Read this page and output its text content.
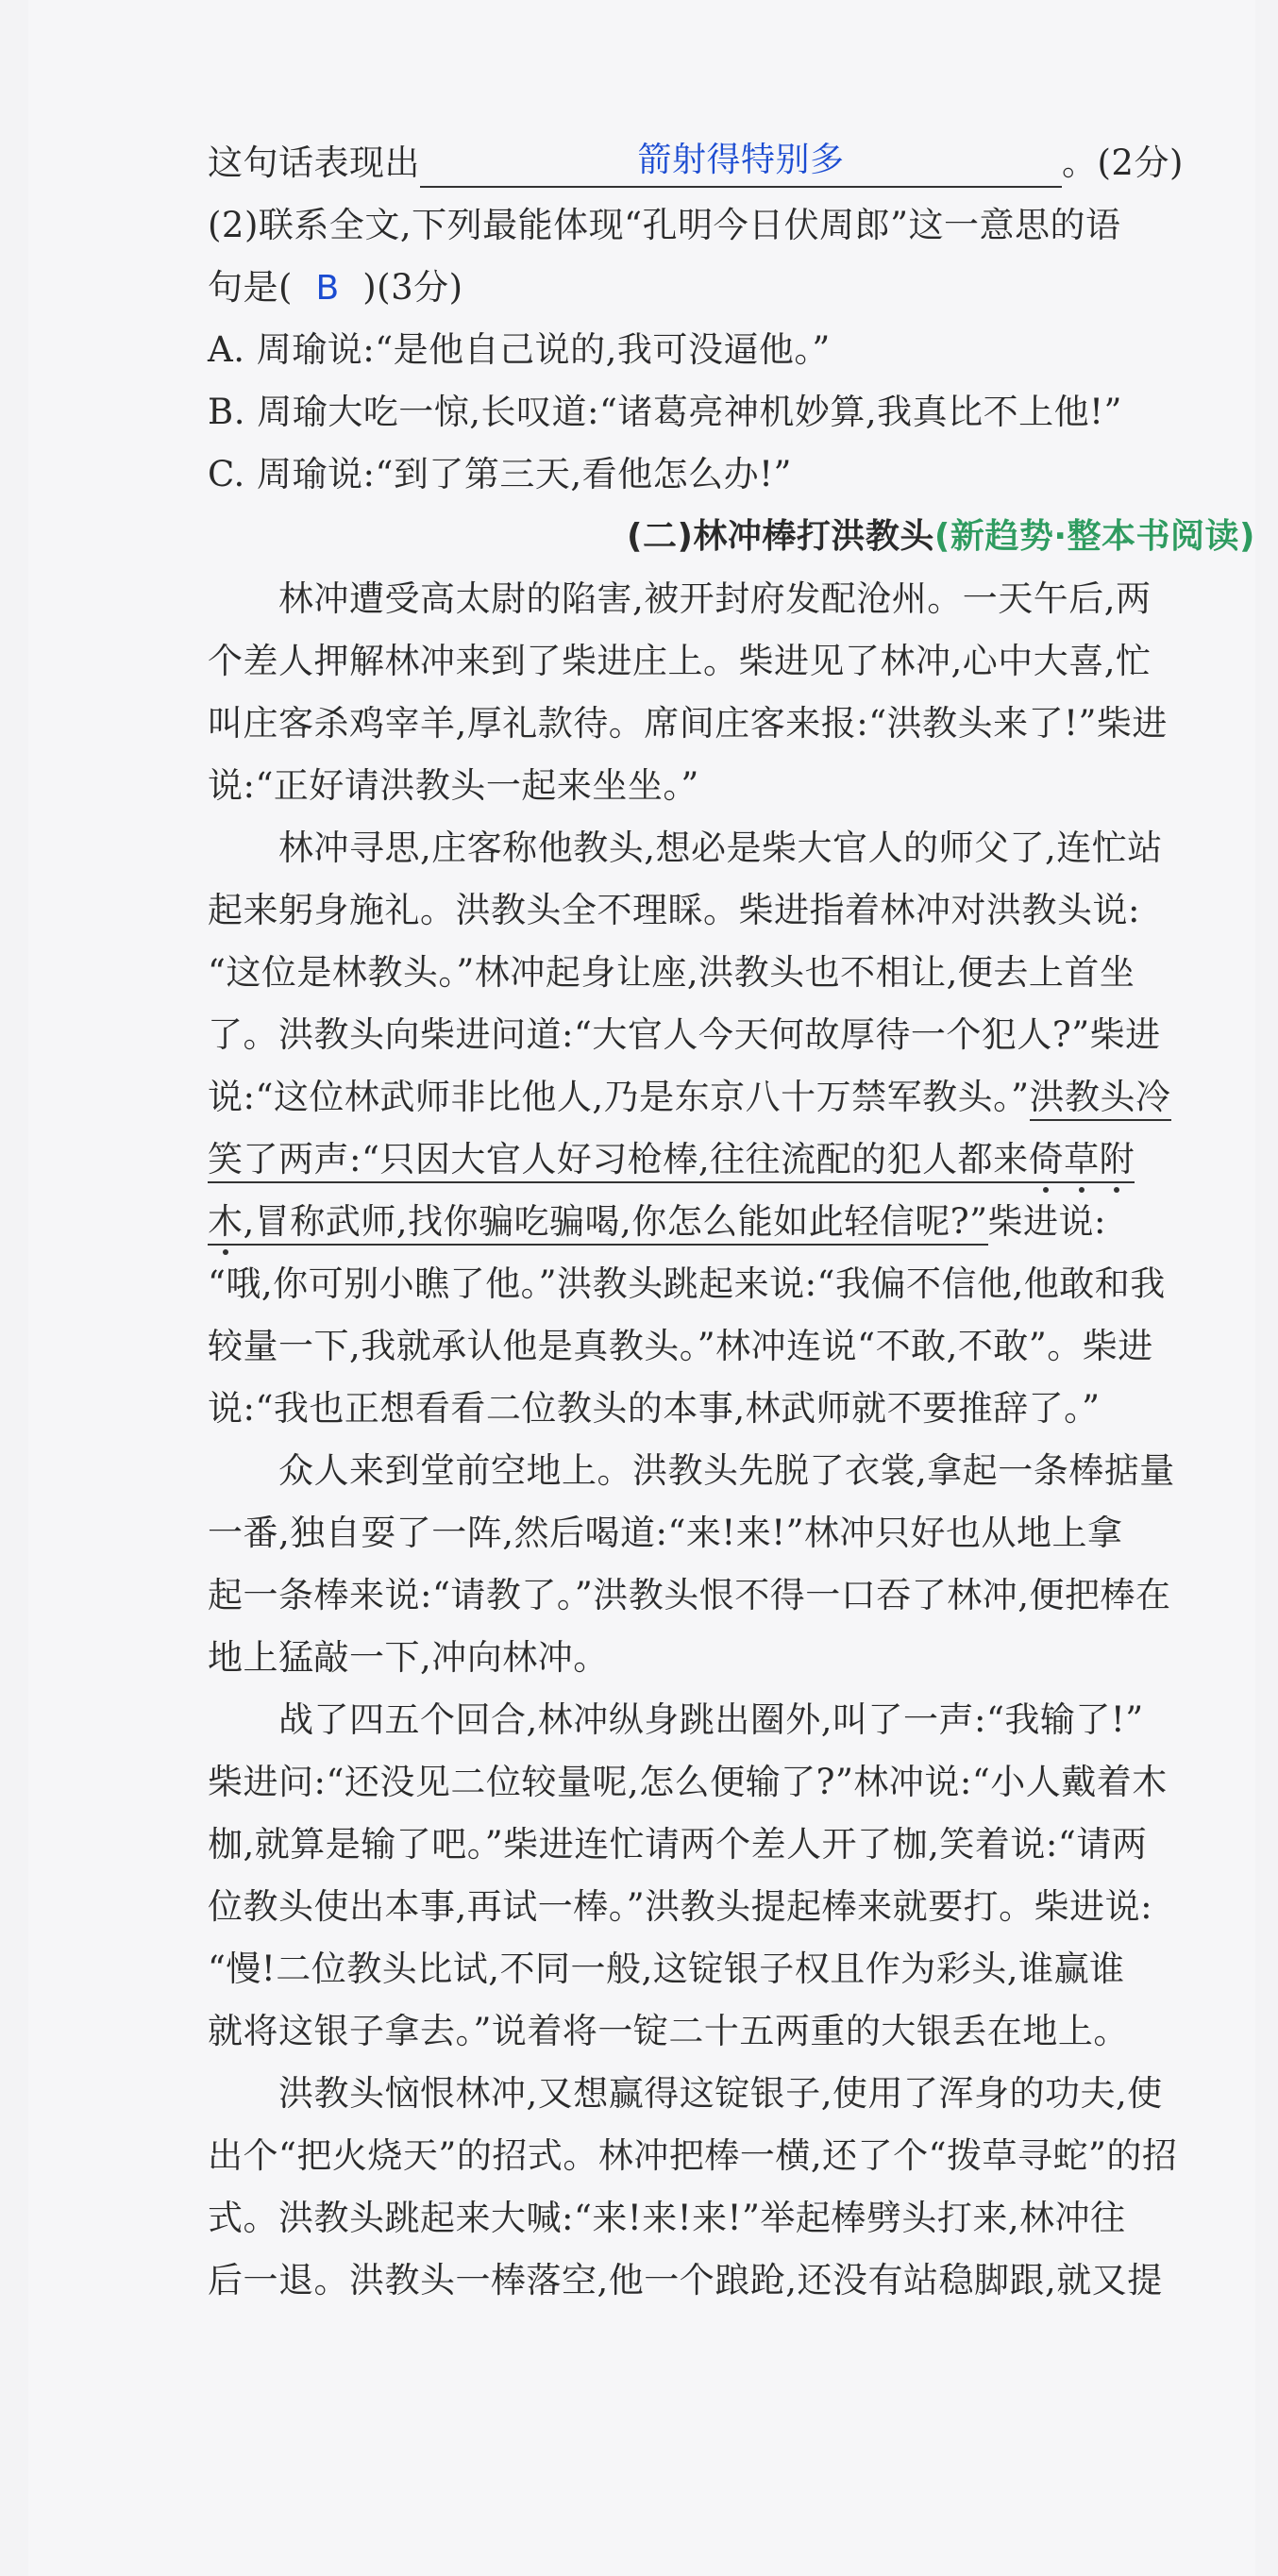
这句话表现出	箭射得特别多	。(2分)
(2)联系全文,下列最能体现“孔明今日伏周郎”这一意思的语
句是( B )(3分)
A. 周瑜说:“是他自己说的,我可没逼他。”
B. 周瑜大吃一惊,长叹道:“诸葛亮神机妙算,我真比不上他!”
C. 周瑜说:“到了第三天,看他怎么办!”
(二)林冲棒打洪教头(新趋势·整本书阅读)
林冲遭受高太尉的陷害,被开封府发配沧州。一天午后,两
个差人押解林冲来到了柴进庄上。柴进见了林冲,心中大喜,忙
叫庄客杀鸡宰羊,厚礼款待。席间庄客来报:“洪教头来了!”柴进
说:“正好请洪教头一起来坐坐。”
林冲寻思,庄客称他教头,想必是柴大官人的师父了,连忙站
起来躬身施礼。洪教头全不理睬。柴进指着林冲对洪教头说:
“这位是林教头。”林冲起身让座,洪教头也不相让,便去上首坐
了。洪教头向柴进问道:“大官人今天何故厚待一个犯人?”柴进
说:“这位林武师非比他人,乃是东京八十万禁军教头。”洪教头冷
笑了两声:“只因大官人好习枪棒,往往流配的犯人都来倚草附
木,冒称武师,找你骗吃骗喝,你怎么能如此轻信呢?”柴进说:
“哦,你可别小瞧了他。”洪教头跳起来说:“我偏不信他,他敢和我
较量一下,我就承认他是真教头。”林冲连说“不敢,不敢”。柴进
说:“我也正想看看二位教头的本事,林武师就不要推辞了。”
众人来到堂前空地上。洪教头先脱了衣裳,拿起一条棒掂量
一番,独自耍了一阵,然后喝道:“来!来!”林冲只好也从地上拿
起一条棒来说:“请教了。”洪教头恨不得一口吞了林冲,便把棒在
地上猛敲一下,冲向林冲。
战了四五个回合,林冲纵身跳出圈外,叫了一声:“我输了!”
柴进问:“还没见二位较量呢,怎么便输了?”林冲说:“小人戴着木
枷,就算是输了吧。”柴进连忙请两个差人开了枷,笑着说:“请两
位教头使出本事,再试一棒。”洪教头提起棒来就要打。柴进说:
“慢!二位教头比试,不同一般,这锭银子权且作为彩头,谁赢谁
就将这银子拿去。”说着将一锭二十五两重的大银丢在地上。
洪教头恼恨林冲,又想赢得这锭银子,使用了浑身的功夫,使
出个“把火烧天”的招式。林冲把棒一横,还了个“拨草寻蛇”的招
式。洪教头跳起来大喊:“来!来!来!”举起棒劈头打来,林冲往
后一退。洪教头一棒落空,他一个踉跄,还没有站稳脚跟,就又提
